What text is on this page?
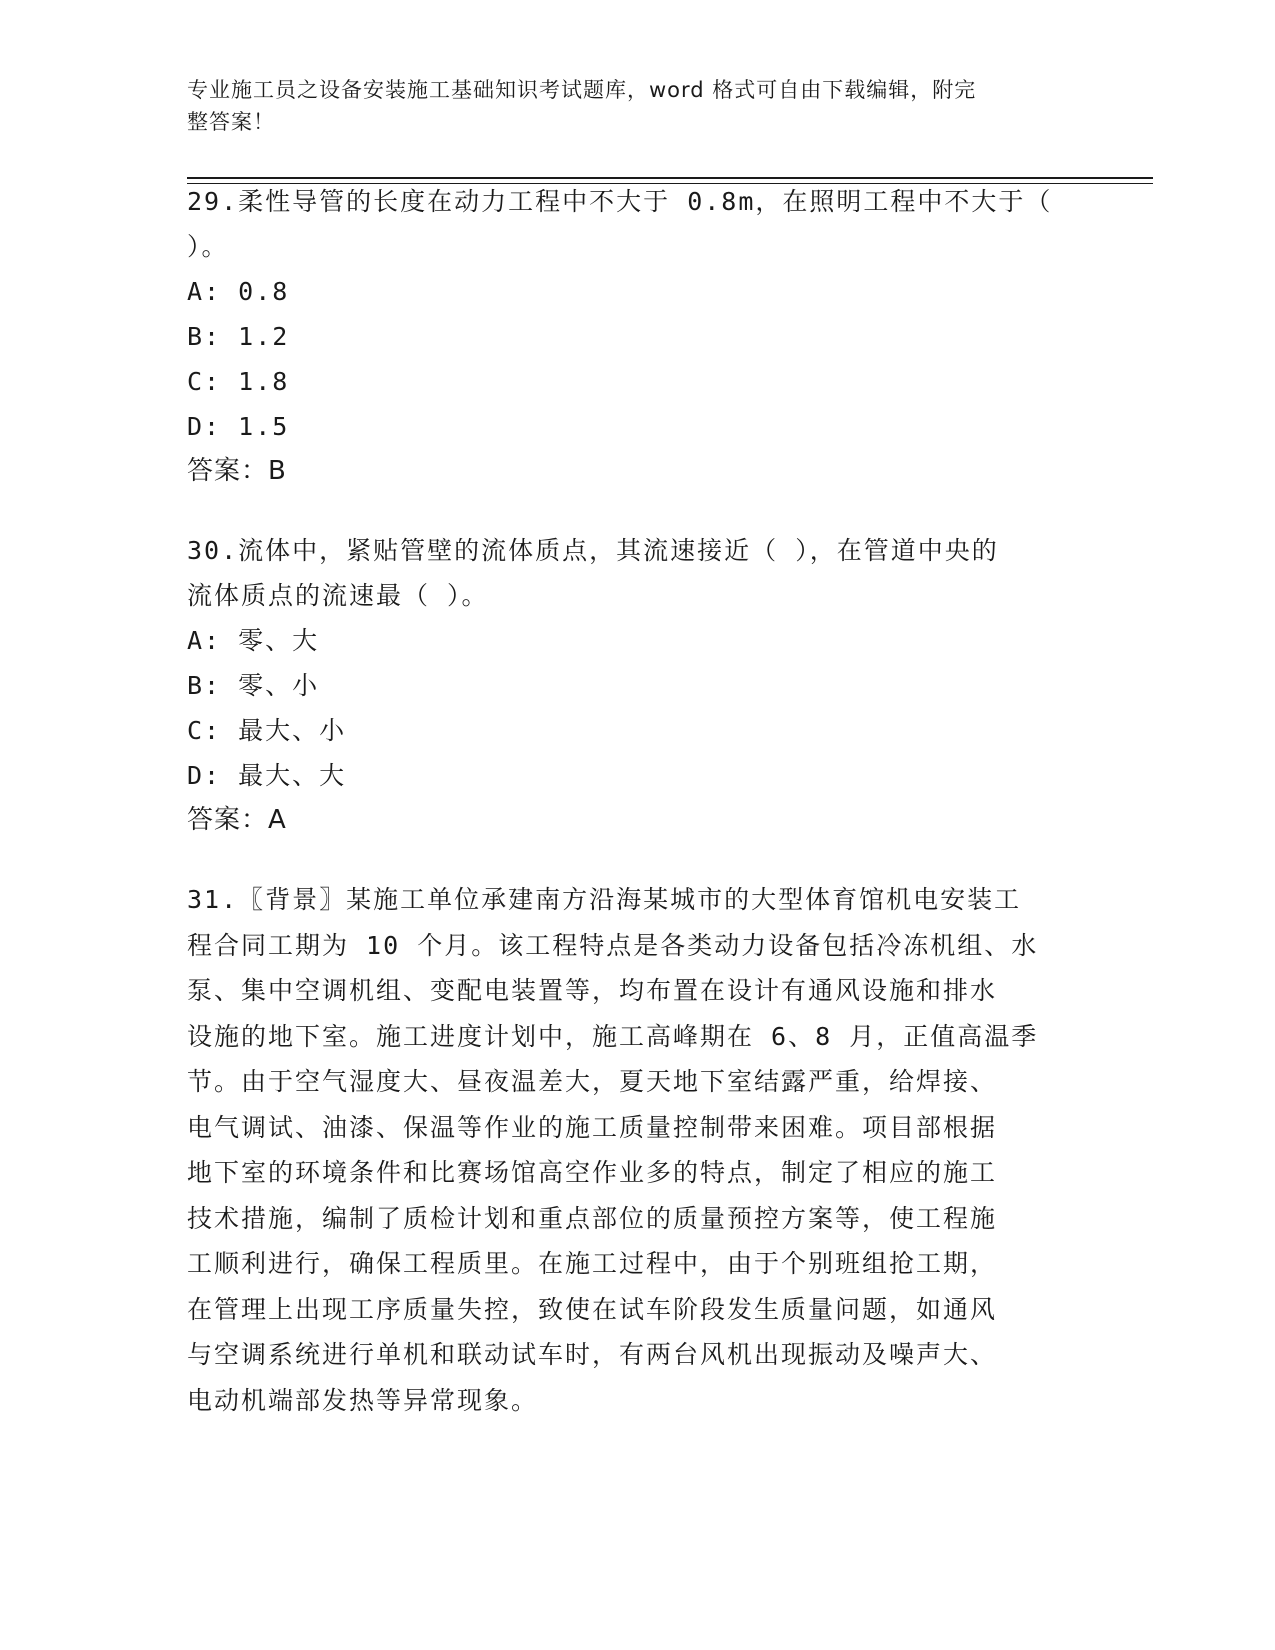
专业施工员之设备安装施工基础知识考试题库，word 格式可自由下载编辑，附完
整答案！
29.柔性导管的长度在动力工程中不大于 0.8m，在照明工程中不大于（
）。
A: 0.8
B: 1.2
C: 1.8
D: 1.5
答案：B
30.流体中，紧贴管壁的流体质点，其流速接近（ ），在管道中央的
流体质点的流速最（ ）。
A: 零、大
B: 零、小
C: 最大、小
D: 最大、大
答案：A
31.〖背景〗某施工单位承建南方沿海某城市的大型体育馆机电安装工
程合同工期为 10 个月。该工程特点是各类动力设备包括冷冻机组、水
泵、集中空调机组、变配电装置等，均布置在设计有通风设施和排水
设施的地下室。施工进度计划中，施工高峰期在 6、8 月，正值高温季
节。由于空气湿度大、昼夜温差大，夏天地下室结露严重，给焊接、
电气调试、油漆、保温等作业的施工质量控制带来困难。项目部根据
地下室的环境条件和比赛场馆高空作业多的特点，制定了相应的施工
技术措施，编制了质检计划和重点部位的质量预控方案等，使工程施
工顺利进行，确保工程质里。在施工过程中，由于个别班组抢工期，
在管理上出现工序质量失控，致使在试车阶段发生质量问题，如通风
与空调系统进行单机和联动试车时，有两台风机出现振动及噪声大、
电动机端部发热等异常现象。
